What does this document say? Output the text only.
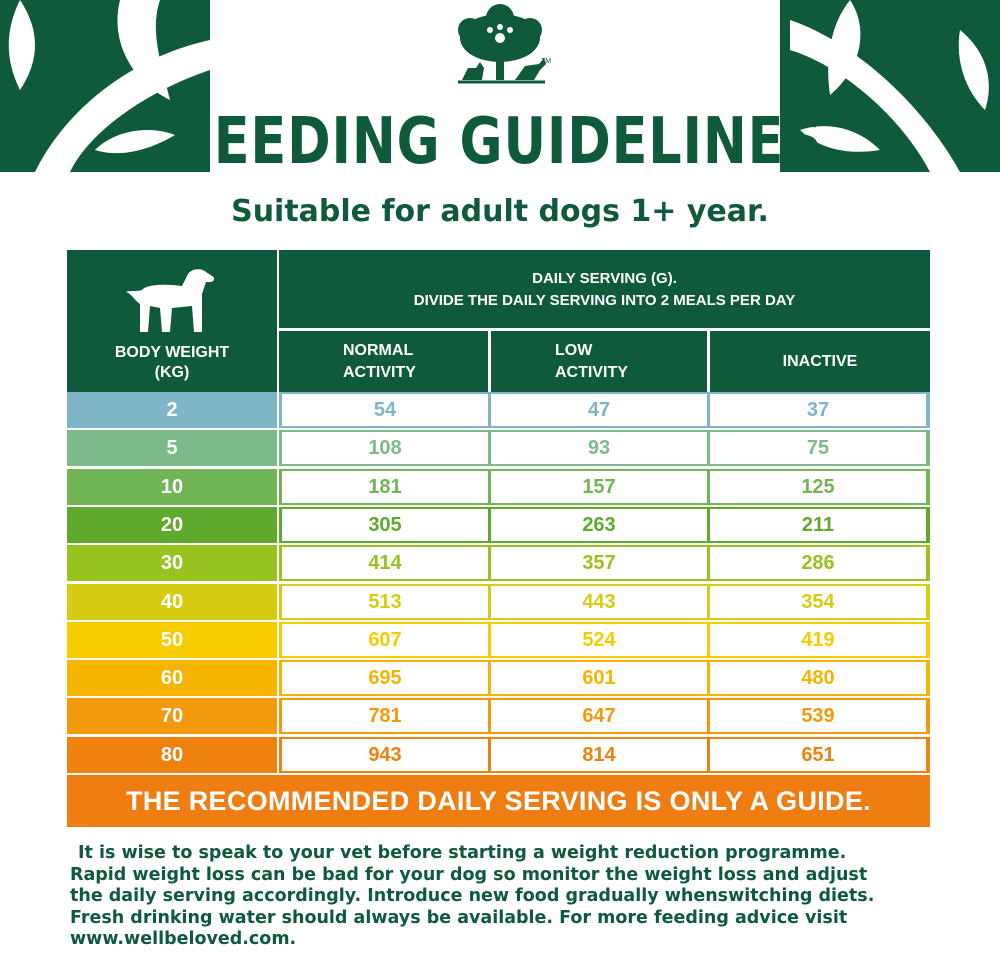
TM
FEEDING GUIDELINES
Suitable for adult dogs 1+ year.
BODY WEIGHT
(KG)
DAILY SERVING (G).
DIVIDE THE DAILY SERVING INTO 2 MEALS PER DAY
NORMAL
ACTIVITY
LOW
ACTIVITY
INACTIVE
2	54	47	37
5	108	93	75
10	181	157	125
20	305	263	211
30	414	357	286
40	513	443	354
50	607	524	419
60	695	601	480
70	781	647	539
80	943	814	651
THE RECOMMENDED DAILY SERVING IS ONLY A GUIDE.
It is wise to speak to your vet before starting a weight reduction programme.
Rapid weight loss can be bad for your dog so monitor the weight loss and adjust
the daily serving accordingly. Introduce new food gradually whenswitching diets.
Fresh drinking water should always be available. For more feeding advice visit
www.wellbeloved.com.
